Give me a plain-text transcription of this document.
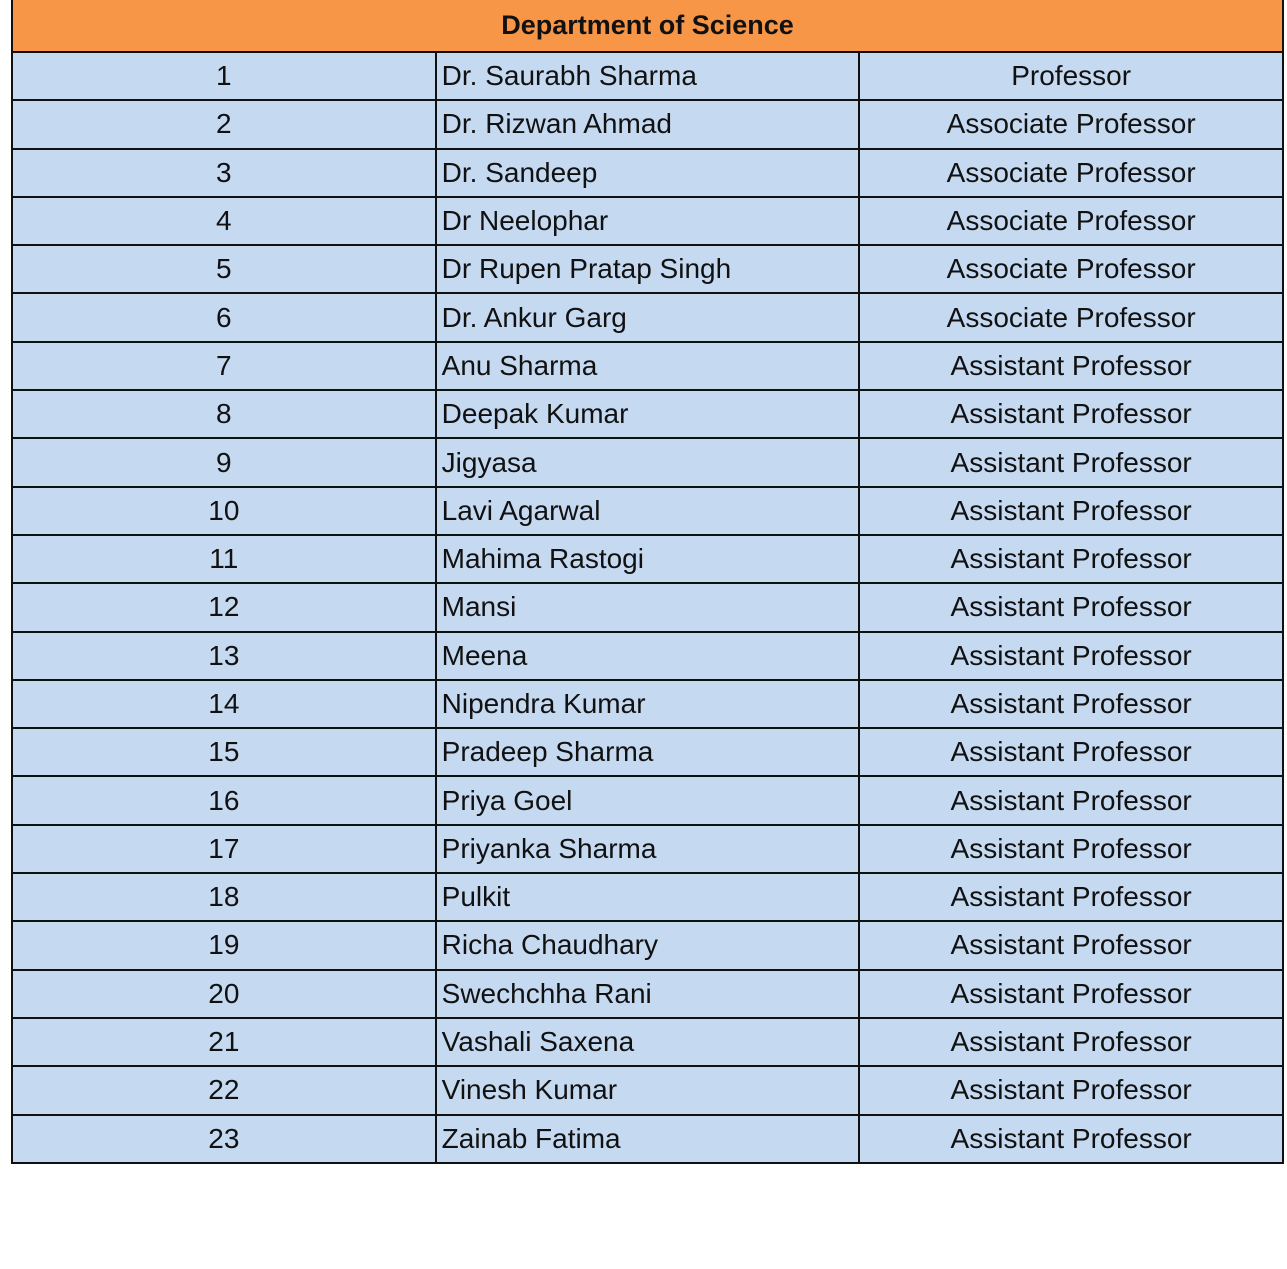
Department of Science		
1	Dr. Saurabh Sharma	Professor
2	Dr. Rizwan Ahmad	Associate Professor
3	Dr. Sandeep	Associate Professor
4	Dr Neelophar	Associate Professor
5	Dr Rupen Pratap Singh	Associate Professor
6	Dr. Ankur Garg	Associate Professor
7	Anu Sharma	Assistant Professor
8	Deepak Kumar	Assistant Professor
9	Jigyasa	Assistant Professor
10	Lavi Agarwal	Assistant Professor
11	Mahima Rastogi	Assistant Professor
12	Mansi	Assistant Professor
13	Meena	Assistant Professor
14	Nipendra Kumar	Assistant Professor
15	Pradeep Sharma	Assistant Professor
16	Priya Goel	Assistant Professor
17	Priyanka Sharma	Assistant Professor
18	Pulkit	Assistant Professor
19	Richa Chaudhary	Assistant Professor
20	Swechchha Rani	Assistant Professor
21	Vashali Saxena	Assistant Professor
22	Vinesh Kumar	Assistant Professor
23	Zainab Fatima	Assistant Professor
